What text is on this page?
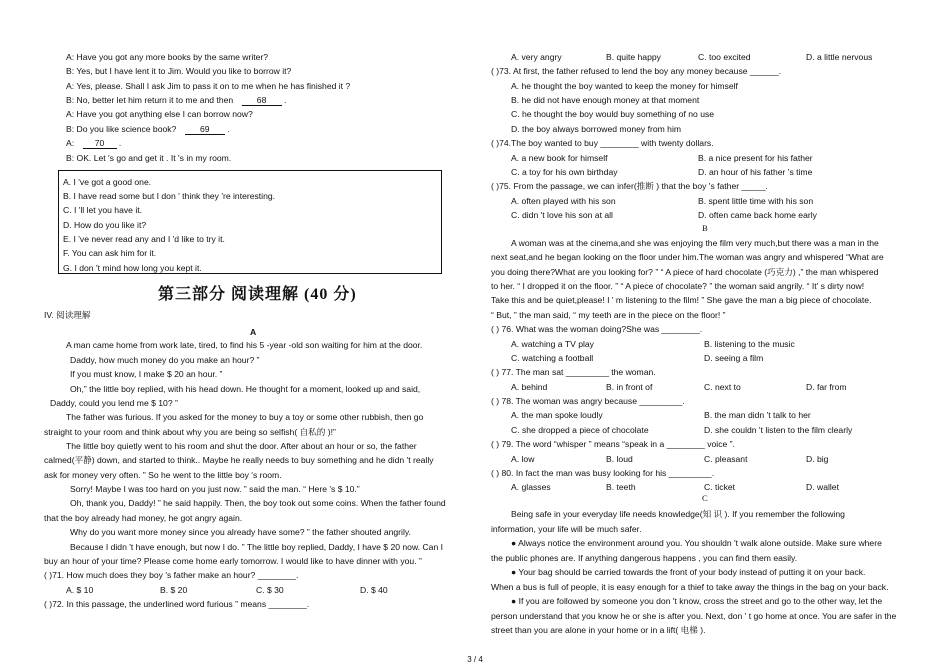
A: Have you got any more books by the same writer?
B: Yes, but I have lent it to Jim. Would you like to borrow it?
A: Yes, please. Shall I ask Jim to pass it on to me when he has finished it ?
B: No, better let him return it to me and then	68 .
A: Have you got anything else I can borrow now?
B: Do you like science book?	69 .
A: 70 .
B: OK. Let 's go and get it . It 's in my room.
A. I 've got a good one.
B. I have read some but I don ' think they 're interesting.
C. I 'll let you have it.
D. How do you like it?
E. I 've never read any and I 'd like to try it.
F. You can ask him for it.
G. I don 't mind how long you kept it.
第三部分 阅读理解 (40 分)
IV. 阅读理解
A
A man came home from work late, tired, to find his 5 -year -old son waiting for him at the door.
Daddy, how much money do you make an hour? ”
If you must know, I make $ 20 an hour. ”
Oh,” the little boy replied, with his head down. He thought for a moment, looked up and said,
Daddy, could you lend me $ 10? ”
The father was furious. If you asked for the money to buy a toy or some other rubbish, then go
straight to your room and think about why you are being so selfish( 自私的 )!”
The little boy quietly went to his room and shut the door. After about an hour or so, the father
calmed(平静) down, and started to think.. Maybe he really needs to buy something and he didn 't really
ask for money very often. ” So he went to the little boy 's room.
Sorry! Maybe I was too hard on you just now. ” said the man. “ Here 's $ 10.”
Oh, thank you, Daddy! ” he said happily. Then, the boy took out some coins. When the father found
that the boy already had money, he got angry again.
Why do you want more money since you already have some? ” the father shouted angrily.
Because I didn 't have enough, but now I do. ” The little boy replied, Daddy, I have $ 20 now. Can I
buy an hour of your time? Please come home early tomorrow. I would like to have dinner with you. ”
( )71. How much does they boy 's father make an hour? ________.
A. $ 10	B. $ 20	C. $ 30	D. $ 40
( )72. In this passage, the underlined word furious ” means ________.
A. very angry	B. quite happy	C. too excited	D. a little nervous
( )73. At first, the father refused to lend the boy any money because ______.
A. he thought the boy wanted to keep the money for himself
B. he did not have enough money at that moment
C. he thought the boy would buy something of no use
D. the boy always borrowed money from him
( )74.The boy wanted to buy ________ with twenty dollars.
A. a new book for himself	B. a nice present for his father
C. a toy for his own birthday	D. an hour of his father 's time
( )75. From the passage, we can infer(推断 ) that the boy 's father _____.
A. often played with his son	B. spent little time with his son
C. didn 't love his son at all	D. often came back home early
B
A woman was at the cinema,and she was enjoying the film very much,but there was a man in the
next seat,and he began looking on the floor under him.The woman was angry and whispered “What are
you doing there?What are you looking for? ” “ A piece of hard chocolate (巧克力) ,” the man whispered
to her. “ I dropped it on the floor. ” “ A piece of chocolate? ” the woman said angrily. “ It' s dirty now!
Take this and be quiet,please! I ' m listening to the film! ” She gave the man a big piece of chocolate.
“ But, ” the man said, “ my teeth are in the piece on the floor! ”
( ) 76. What was the woman doing?She was ________.
A. watching a TV play	B. listening to the music
C. watching a football	D. seeing a film
( ) 77. The man sat _________ the woman.
A. behind	B. in front of	C. next to	D. far from
( ) 78. The woman was angry because _________.
A. the man spoke loudly	B. the man didn 't talk to her
C. she dropped a piece of chocolate	D. she couldn 't listen to the film clearly
( ) 79. The word “whisper ” means “speak in a ________ voice ”.
A. low	B. loud	C. pleasant	D. big
( ) 80. In fact the man was busy looking for his _________.
A. glasses	B. teeth	C. ticket	D. wallet
C
Being safe in your everyday life needs knowledge(知 识 ). If you remember the following
information, your life will be much safer.
● Always notice the environment around you. You shouldn 't walk alone outside. Make sure where
the public phones are. If anything dangerous happens , you can find them easily.
● Your bag should be carried towards the front of your body instead of putting it on your back.
When a bus is full of people, it is easy enough for a thief to take away the things in the bag on your back.
● If you are followed by someone you don 't know, cross the street and go to the other way, let the
person understand that you know he or she is after you. Next, don ' t go home at once. You are safer in the
street than you are alone in your home or in a lift( 电梯 ).
3 / 4
